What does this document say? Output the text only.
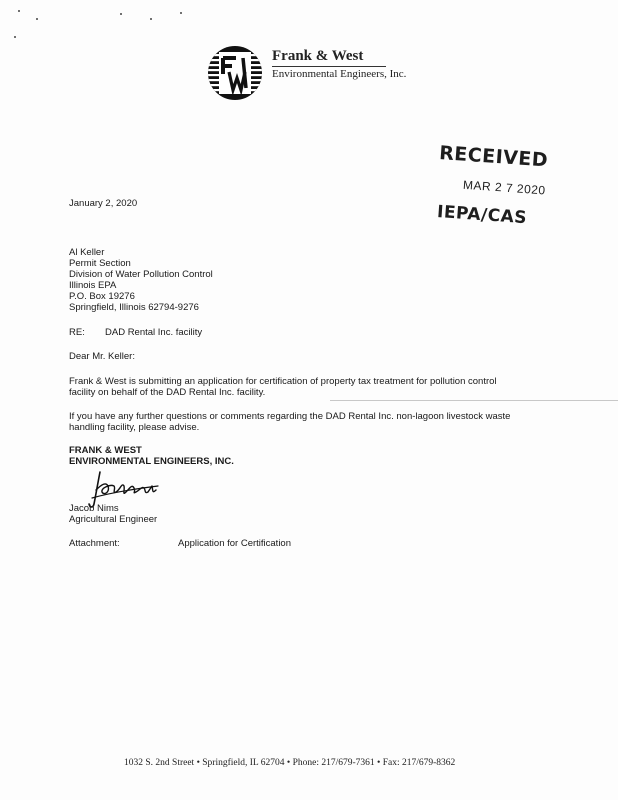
Frank & West
Environmental Engineers, Inc.
RECEIVED
MAR 2 7 2020
IEPA/CAS
January 2, 2020
Al Keller
Permit Section
Division of Water Pollution Control
Illinois EPA
P.O. Box 19276
Springfield, Illinois 62794-9276
RE: DAD Rental Inc. facility
Dear Mr. Keller:
Frank & West is submitting an application for certification of property tax treatment for pollution control
facility on behalf of the DAD Rental Inc. facility.
If you have any further questions or comments regarding the DAD Rental Inc. non-lagoon livestock waste
handling facility, please advise.
FRANK & WEST
ENVIRONMENTAL ENGINEERS, INC.
Jacob Nims
Agricultural Engineer
Attachment:	Application for Certification
1032 S. 2nd Street • Springfield, IL 62704 • Phone: 217/679-7361 • Fax: 217/679-8362
